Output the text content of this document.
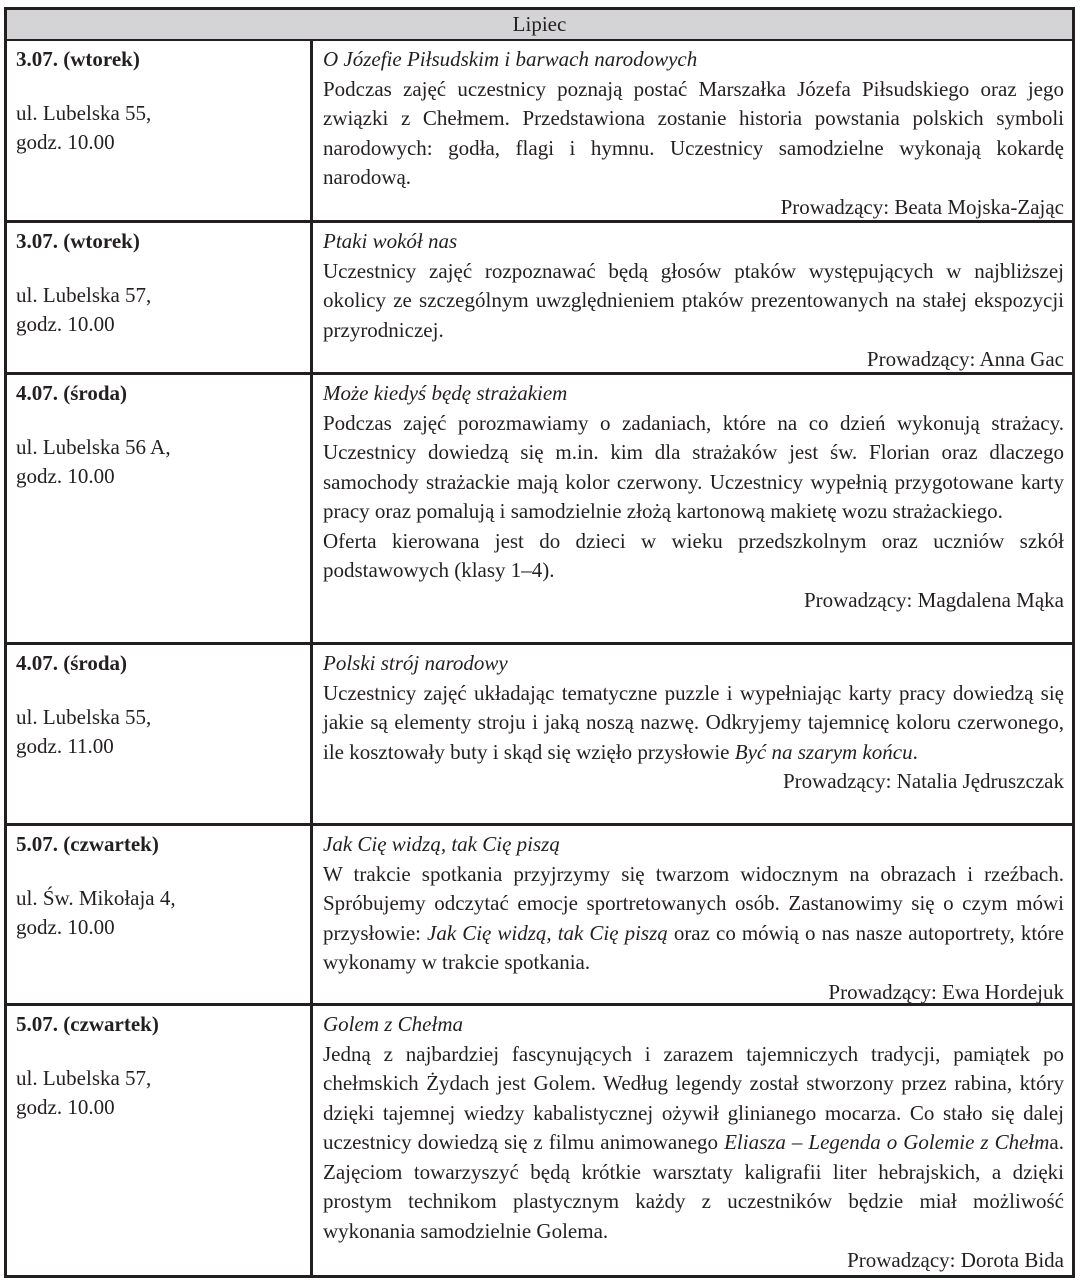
Lipiec
3.07. (wtorek)
ul. Lubelska 55,
godz. 10.00
O Józefie Piłsudskim i barwach narodowych
Podczas zajęć uczestnicy poznają postać Marszałka Józefa Piłsudskiego oraz jego związki z Chełmem. Przedstawiona zostanie historia powstania polskich symboli narodowych: godła, flagi i hymnu. Uczestnicy samodzielne wykonają kokardę narodową.
Prowadzący: Beata Mojska-Zając
3.07. (wtorek)
ul. Lubelska 57,
godz. 10.00
Ptaki wokół nas
Uczestnicy zajęć rozpoznawać będą głosów ptaków występujących w najbliższej okolicy ze szczególnym uwzględnieniem ptaków prezentowanych na stałej ekspozycji przyrodniczej.
Prowadzący: Anna Gac
4.07. (środa)
ul. Lubelska 56 A,
godz. 10.00
Może kiedyś będę strażakiem
Podczas zajęć porozmawiamy o zadaniach, które na co dzień wykonują strażacy. Uczestnicy dowiedzą się m.in. kim dla strażaków jest św. Florian oraz dlaczego samochody strażackie mają kolor czerwony. Uczestnicy wypełnią przygotowane karty pracy oraz pomalują i samodzielnie złożą kartonową makietę wozu strażackiego.
Oferta kierowana jest do dzieci w wieku przedszkolnym oraz uczniów szkół podstawowych (klasy 1–4).
Prowadzący: Magdalena Mąka
4.07. (środa)
ul. Lubelska 55,
godz. 11.00
Polski strój narodowy
Uczestnicy zajęć układając tematyczne puzzle i wypełniając karty pracy dowiedzą się jakie są elementy stroju i jaką noszą nazwę. Odkryjemy tajemnicę koloru czerwonego, ile kosztowały buty i skąd się wzięło przysłowie Być na szarym końcu.
Prowadzący: Natalia Jędruszczak
5.07. (czwartek)
ul. Św. Mikołaja 4,
godz. 10.00
Jak Cię widzą, tak Cię piszą
W trakcie spotkania przyjrzymy się twarzom widocznym na obrazach i rzeźbach. Spróbujemy odczytać emocje sportretowanych osób. Zastanowimy się o czym mówi przysłowie: Jak Cię widzą, tak Cię piszą oraz co mówią o nas nasze autoportrety, które wykonamy w trakcie spotkania.
Prowadzący: Ewa Hordejuk
5.07. (czwartek)
ul. Lubelska 57,
godz. 10.00
Golem z Chełma
Jedną z najbardziej fascynujących i zarazem tajemniczych tradycji, pamiątek po chełmskich Żydach jest Golem. Według legendy został stworzony przez rabina, który dzięki tajemnej wiedzy kabalistycznej ożywił glinianego mocarza. Co stało się dalej uczestnicy dowiedzą się z filmu animowanego Eliasza – Legenda o Golemie z Chełma. Zajęciom towarzyszyć będą krótkie warsztaty kaligrafii liter hebrajskich, a dzięki prostym technikom plastycznym każdy z uczestników będzie miał możliwość wykonania samodzielnie Golema.
Prowadzący: Dorota Bida
